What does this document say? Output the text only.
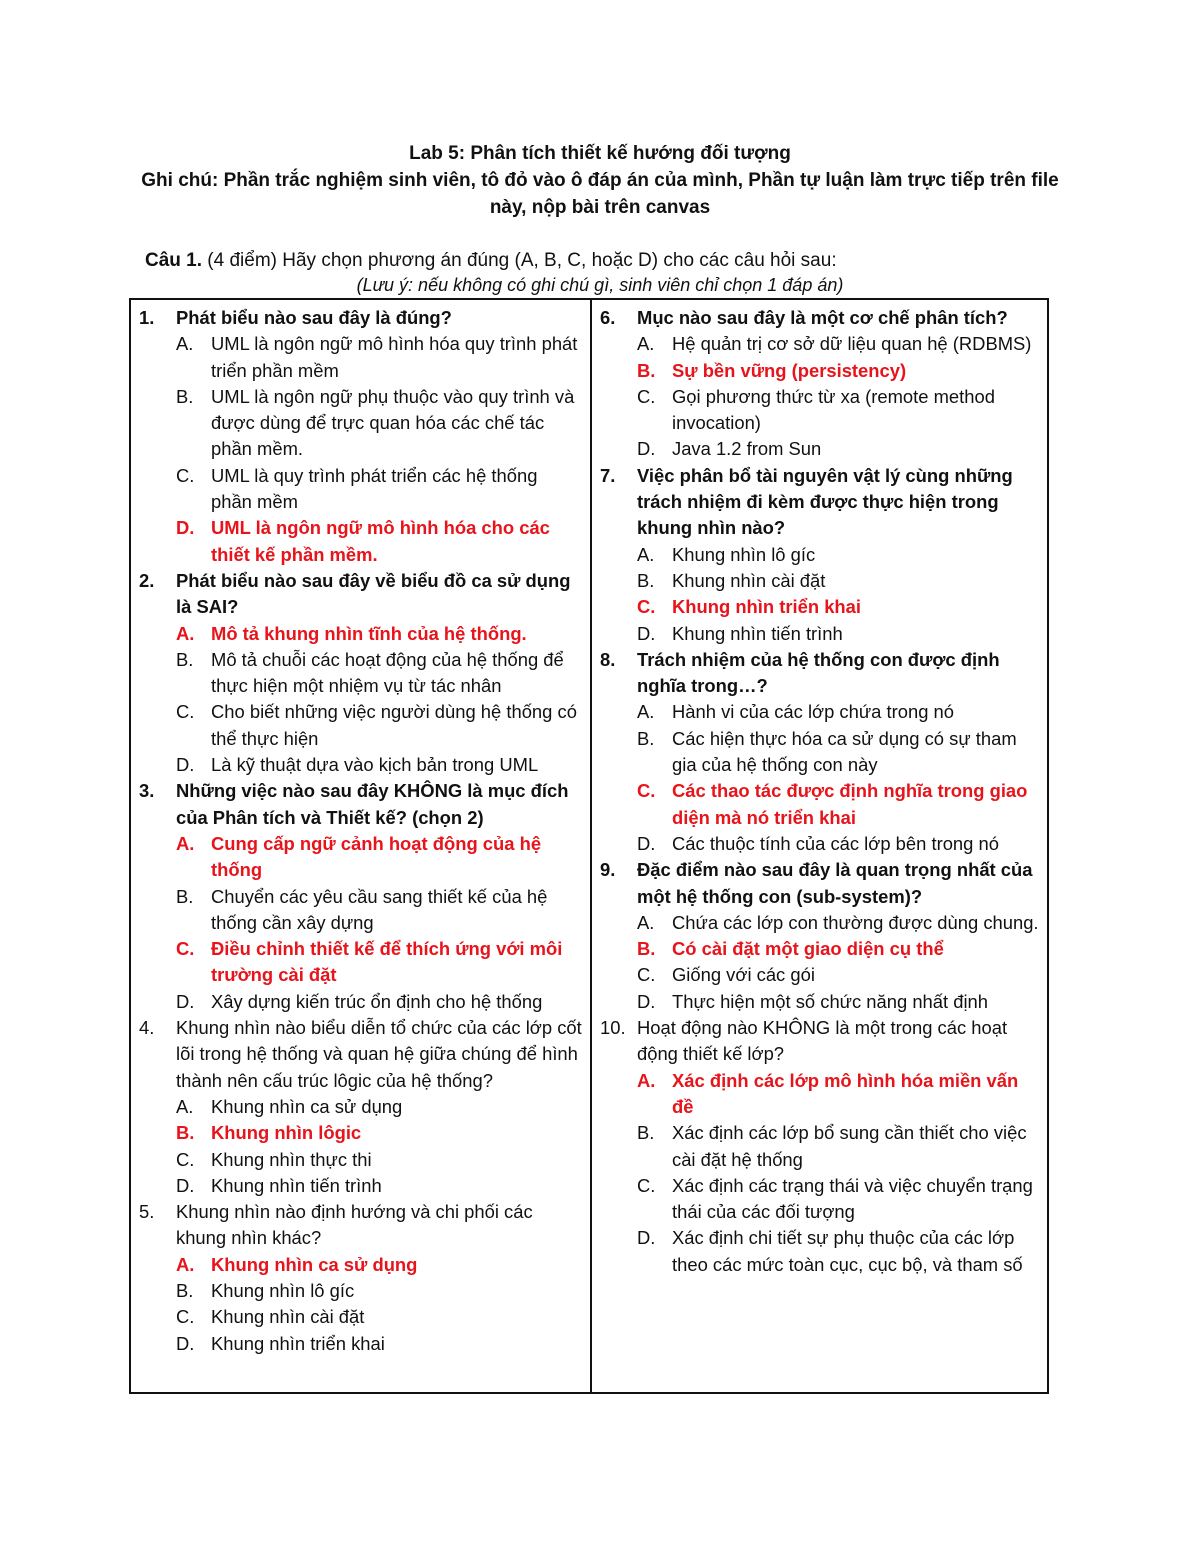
Lab 5: Phân tích thiết kế hướng đối tượng
Ghi chú: Phần trắc nghiệm sinh viên, tô đỏ vào ô đáp án của mình, Phần tự luận làm trực tiếp trên file này, nộp bài trên canvas
Câu 1. (4 điểm) Hãy chọn phương án đúng (A, B, C, hoặc D) cho các câu hỏi sau:
(Lưu ý: nếu không có ghi chú gì, sinh viên chỉ chọn 1 đáp án)
1.	Phát biểu nào sau đây là đúng?
A. UML là ngôn ngữ mô hình hóa quy trình phát triển phần mềm
B. UML là ngôn ngữ phụ thuộc vào quy trình và được dùng để trực quan hóa các chế tác phần mềm.
C. UML là quy trình phát triển các hệ thống phần mềm
D. UML là ngôn ngữ mô hình hóa cho các thiết kế phần mềm.
2.	Phát biểu nào sau đây về biểu đồ ca sử dụng là SAI?
A. Mô tả khung nhìn tĩnh của hệ thống.
B. Mô tả chuỗi các hoạt động của hệ thống để thực hiện một nhiệm vụ từ tác nhân
C. Cho biết những việc người dùng hệ thống có thể thực hiện
D. Là kỹ thuật dựa vào kịch bản trong UML
3.	Những việc nào sau đây KHÔNG là mục đích của Phân tích và Thiết kế? (chọn 2)
A. Cung cấp ngữ cảnh hoạt động của hệ thống
B. Chuyển các yêu cầu sang thiết kế của hệ thống cần xây dựng
C. Điều chỉnh thiết kế để thích ứng với môi trường cài đặt
D. Xây dựng kiến trúc ổn định cho hệ thống
4.	Khung nhìn nào biểu diễn tổ chức của các lớp cốt lõi trong hệ thống và quan hệ giữa chúng để hình thành nên cấu trúc lôgic của hệ thống?
A. Khung nhìn ca sử dụng
B. Khung nhìn lôgic
C. Khung nhìn thực thi
D. Khung nhìn tiến trình
5.	Khung nhìn nào định hướng và chi phối các khung nhìn khác?
A. Khung nhìn ca sử dụng
B. Khung nhìn lô gíc
C. Khung nhìn cài đặt
D. Khung nhìn triển khai

6.	Mục nào sau đây là một cơ chế phân tích?
A. Hệ quản trị cơ sở dữ liệu quan hệ (RDBMS)
B. Sự bền vững (persistency)
C. Gọi phương thức từ xa (remote method invocation)
D. Java 1.2 from Sun
7.	Việc phân bổ tài nguyên vật lý cùng những trách nhiệm đi kèm được thực hiện trong khung nhìn nào?
A. Khung nhìn lô gíc
B. Khung nhìn cài đặt
C. Khung nhìn triển khai
D. Khung nhìn tiến trình
8.	Trách nhiệm của hệ thống con được định nghĩa trong…?
A. Hành vi của các lớp chứa trong nó
B. Các hiện thực hóa ca sử dụng có sự tham gia của hệ thống con này
C. Các thao tác được định nghĩa trong giao diện mà nó triển khai
D. Các thuộc tính của các lớp bên trong nó
9.	Đặc điểm nào sau đây là quan trọng nhất của một hệ thống con (sub-system)?
A. Chứa các lớp con thường được dùng chung.
B. Có cài đặt một giao diện cụ thể
C. Giống với các gói
D. Thực hiện một số chức năng nhất định
10. Hoạt động nào KHÔNG là một trong các hoạt động thiết kế lớp?
A. Xác định các lớp mô hình hóa miền vấn đề
B. Xác định các lớp bổ sung cần thiết cho việc cài đặt hệ thống
C. Xác định các trạng thái và việc chuyển trạng thái của các đối tượng
D. Xác định chi tiết sự phụ thuộc của các lớp theo các mức toàn cục, cục bộ, và tham số
